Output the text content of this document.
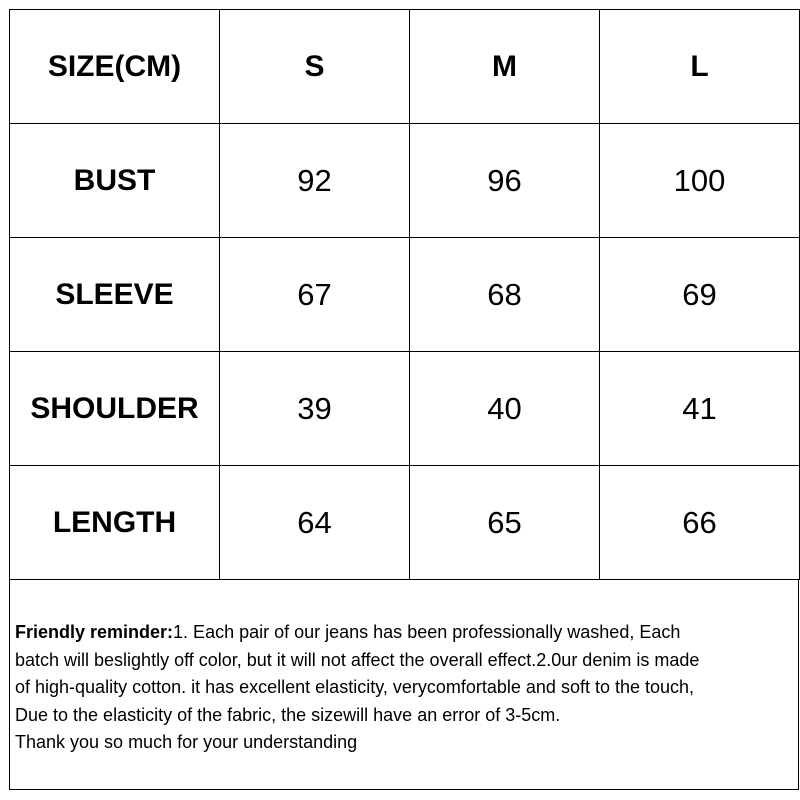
SIZE(CM)	S	M	L
BUST	92	96	100
SLEEVE	67	68	69
SHOULDER	39	40	41
LENGTH	64	65	66
Friendly reminder:1. Each pair of our jeans has been professionally washed, Each
batch will beslightly off color, but it will not affect the overall effect.2.0ur denim is made
of high-quality cotton. it has excellent elasticity, verycomfortable and soft to the touch,
Due to the elasticity of the fabric, the sizewill have an error of 3-5cm.
Thank you so much for your understanding
